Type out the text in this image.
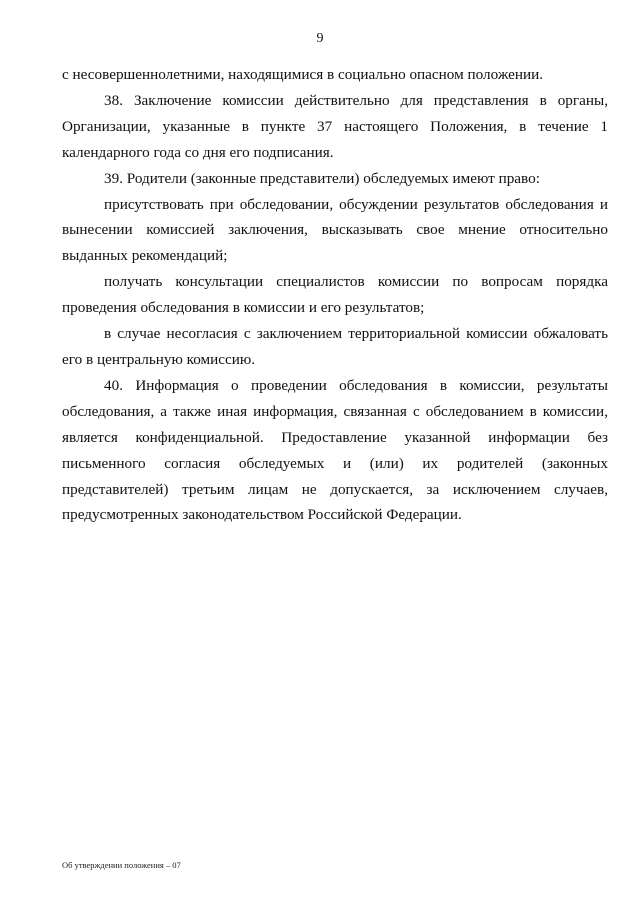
9

с несовершеннолетними, находящимися в социально опасном положении.

38. Заключение комиссии действительно для представления в органы, Организации, указанные в пункте 37 настоящего Положения, в течение 1 календарного года со дня его подписания.

39. Родители (законные представители) обследуемых имеют право:

присутствовать при обследовании, обсуждении результатов обследования и вынесении комиссией заключения, высказывать свое мнение относительно выданных рекомендаций;

получать консультации специалистов комиссии по вопросам порядка проведения обследования в комиссии и его результатов;

в случае несогласия с заключением территориальной комиссии обжаловать его в центральную комиссию.

40. Информация о проведении обследования в комиссии, результаты обследования, а также иная информация, связанная с обследованием в комиссии, является конфиденциальной. Предоставление указанной информации без письменного согласия обследуемых и (или) их родителей (законных представителей) третьим лицам не допускается, за исключением случаев, предусмотренных законодательством Российской Федерации.

Об утверждении положения – 07
